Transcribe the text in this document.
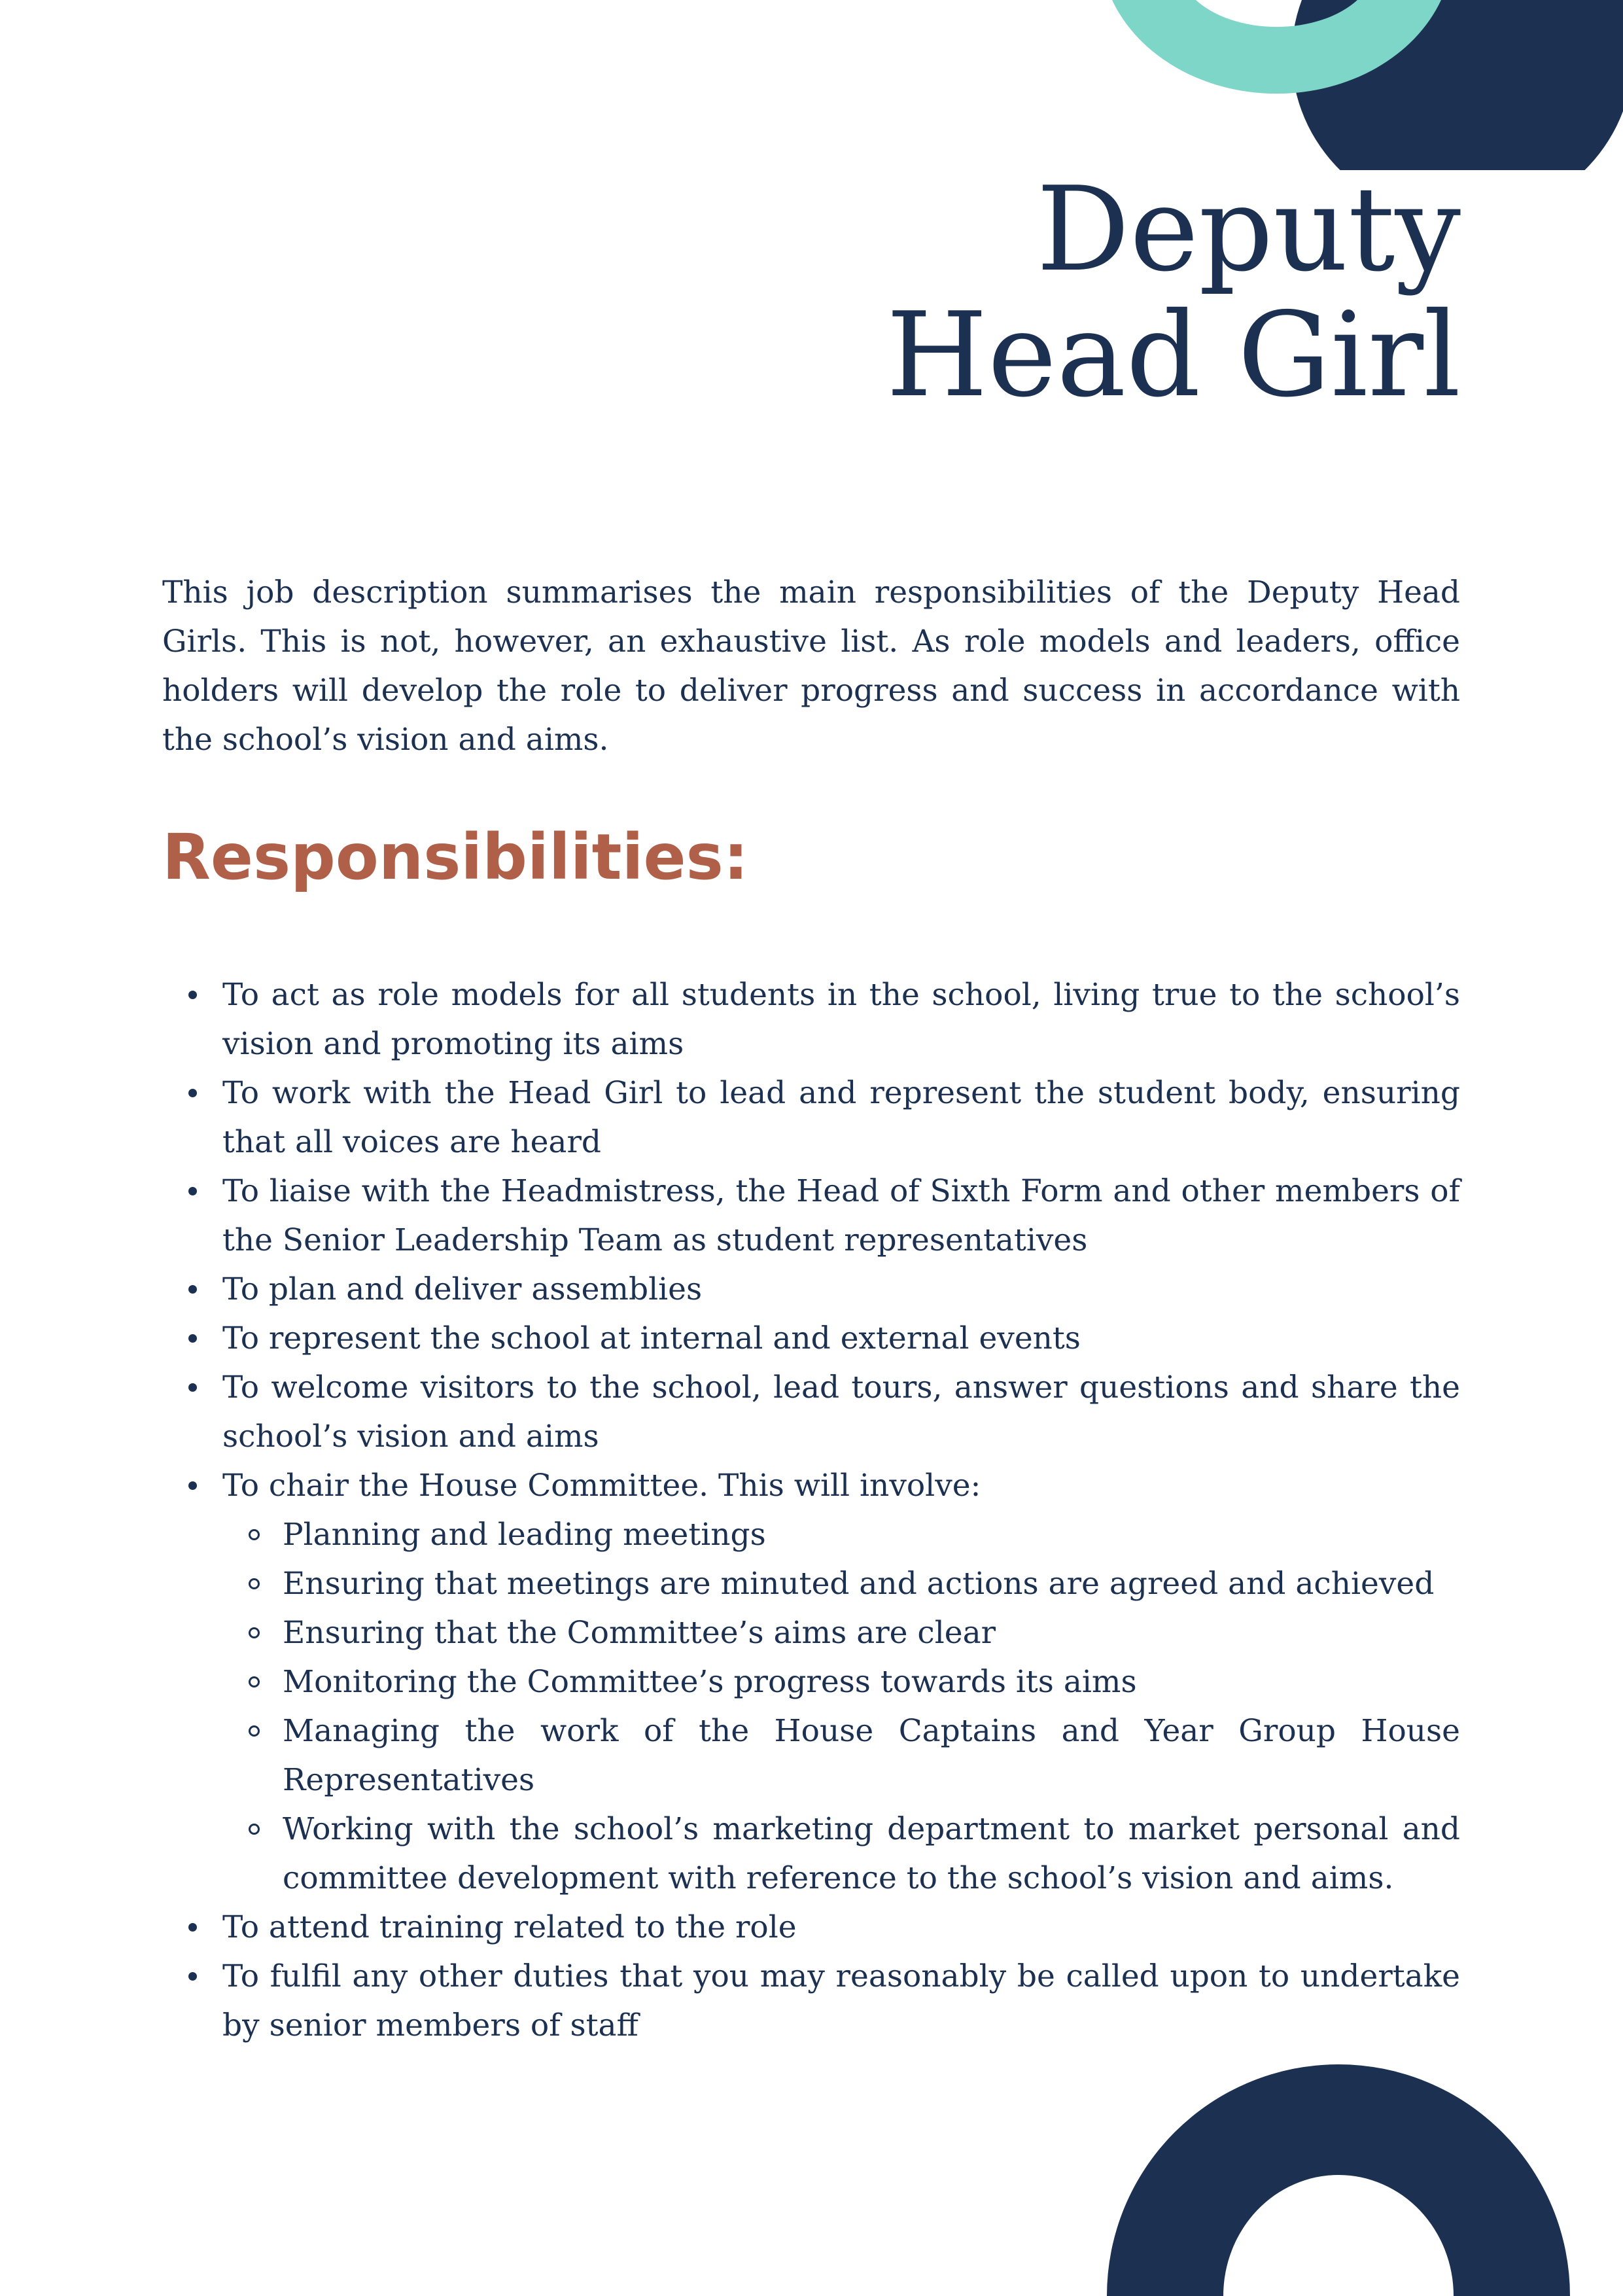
Deputy
Head Girl

This job description summarises the main responsibilities of the Deputy Head Girls. This is not, however, an exhaustive list. As role models and leaders, office holders will develop the role to deliver progress and success in accordance with the school’s vision and aims.

Responsibilities:
To act as role models for all students in the school, living true to the school’s vision and promoting its aims
To work with the Head Girl to lead and represent the student body, ensuring that all voices are heard
To liaise with the Headmistress, the Head of Sixth Form and other members of the Senior Leadership Team as student representatives
To plan and deliver assemblies
To represent the school at internal and external events
To welcome visitors to the school, lead tours, answer questions and share the school’s vision and aims
To chair the House Committee. This will involve:
Planning and leading meetings
Ensuring that meetings are minuted and actions are agreed and achieved
Ensuring that the Committee’s aims are clear
Monitoring the Committee’s progress towards its aims
Managing the work of the House Captains and Year Group House Representatives
Working with the school’s marketing department to market personal and committee development with reference to the school’s vision and aims.
To attend training related to the role
To fulfil any other duties that you may reasonably be called upon to undertake by senior members of staff
